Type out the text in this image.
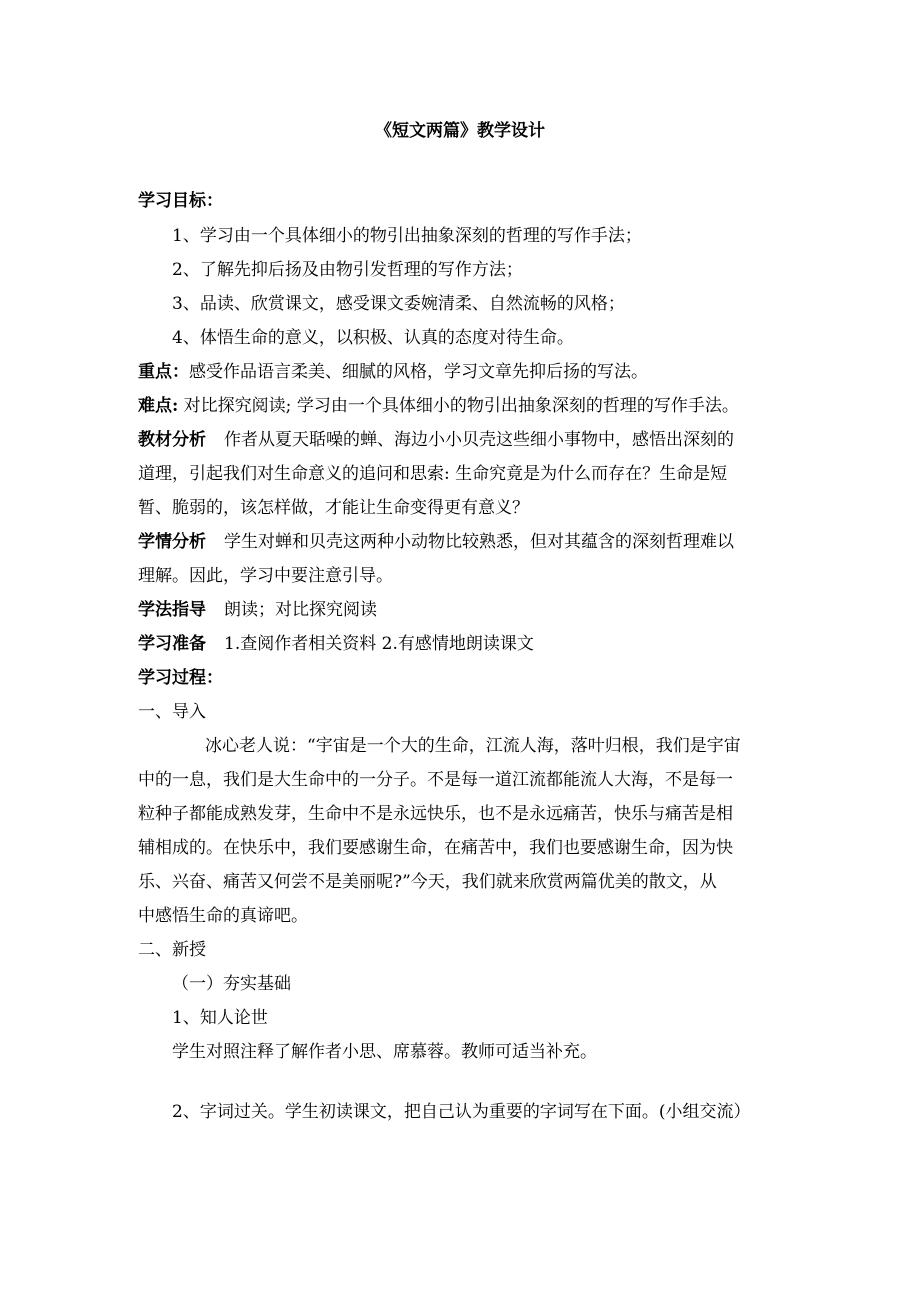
《短文两篇》教学设计
学习目标：
1、学习由一个具体细小的物引出抽象深刻的哲理的写作手法；
2、了解先抑后扬及由物引发哲理的写作方法；
3、品读、欣赏课文，感受课文委婉清柔、自然流畅的风格；
4、体悟生命的意义，以积极、认真的态度对待生命。
重点：感受作品语言柔美、细腻的风格，学习文章先抑后扬的写法。
难点: 对比探究阅读; 学习由一个具体细小的物引出抽象深刻的哲理的写作手法。
教材分析 作者从夏天聒噪的蝉、海边小小贝壳这些细小事物中，感悟出深刻的
道理，引起我们对生命意义的追问和思索: 生命究竟是为什么而存在？生命是短
暂、脆弱的，该怎样做，才能让生命变得更有意义？
学情分析 学生对蝉和贝壳这两种小动物比较熟悉，但对其蕴含的深刻哲理难以
理解。因此，学习中要注意引导。
学法指导 朗读；对比探究阅读
学习准备 1.查阅作者相关资料 2.有感情地朗读课文
学习过程：
一、导入
冰心老人说：“宇宙是一个大的生命，江流人海，落叶归根，我们是宇宙
中的一息，我们是大生命中的一分子。不是每一道江流都能流人大海，不是每一
粒种子都能成熟发芽，生命中不是永远快乐，也不是永远痛苦，快乐与痛苦是相
辅相成的。在快乐中，我们要感谢生命，在痛苦中，我们也要感谢生命，因为快
乐、兴奋、痛苦又何尝不是美丽呢?”今天，我们就来欣赏两篇优美的散文，从
中感悟生命的真谛吧。
二、新授
（一）夯实基础
1、知人论世
学生对照注释了解作者小思、席慕蓉。教师可适当补充。
2、字词过关。学生初读课文，把自己认为重要的字词写在下面。(小组交流）
